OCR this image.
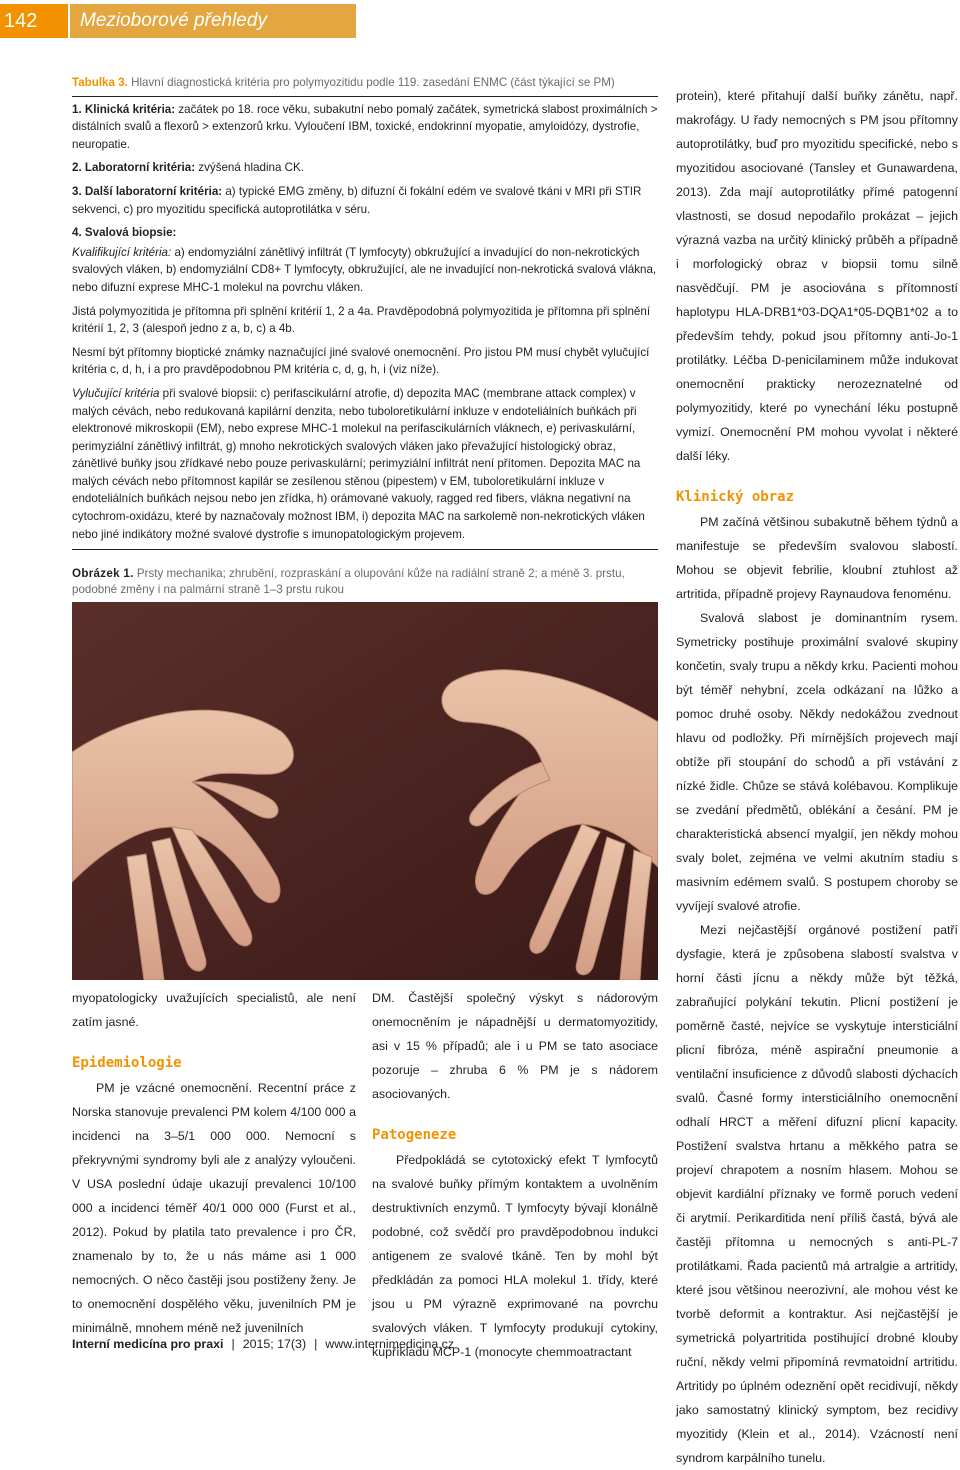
142	Mezioborové přehledy

Tabulka 3. Hlavní diagnostická kritéria pro polymyozitidu podle 119. zasedání ENMC (část týkající se PM)

1. Klinická kritéria: začátek po 18. roce věku, subakutní nebo pomalý začátek, symetrická slabost proximálních > distálních svalů a flexorů > extenzorů krku. Vyloučení IBM, toxické, endokrinní myopatie, amyloidózy, dystrofie, neuropatie.

2. Laboratorní kritéria: zvýšená hladina CK.

3. Další laboratorní kritéria: a) typické EMG změny, b) difuzní či fokální edém ve svalové tkáni v MRI při STIR sekvenci, c) pro myozitidu specifická autoprotilátka v séru.

4. Svalová biopsie:

Kvalifikující kritéria: a) endomyziální zánětlivý infiltrát (T lymfocyty) obkružující a invadující do non-nekrotických svalových vláken, b) endomyziální CD8+ T lymfocyty, obkružující, ale ne invadující non-nekrotická svalová vlákna, nebo difuzní exprese MHC-1 molekul na povrchu vláken.

Jistá polymyozitida je přítomna při splnění kritérií 1, 2 a 4a. Pravděpodobná polymyozitida je přítomna při splnění kritérií 1, 2, 3 (alespoň jedno z a, b, c) a 4b.

Nesmí být přítomny bioptické známky naznačující jiné svalové onemocnění. Pro jistou PM musí chybět vylučující kritéria c, d, h, i a pro pravděpodobnou PM kritéria c, d, g, h, i (viz níže).

Vylučující kritéria při svalové biopsii: c) perifascikulární atrofie, d) depozita MAC (membrane attack complex) v malých cévách, nebo redukovaná kapilární denzita, nebo tuboloretikulární inkluze v endoteliálních buňkách při elektronové mikroskopii (EM), nebo exprese MHC-1 molekul na perifascikulárních vláknech, e) perivaskulární, perimyziální zánětlivý infiltrát, g) mnoho nekrotických svalových vláken jako převažující histologický obraz, zánětlivé buňky jsou zřídkavé nebo pouze perivaskulární; perimyziální infiltrát není přítomen. Depozita MAC na malých cévách nebo přítomnost kapilár se zesílenou stěnou (pipestem) v EM, tuboloretikulární inkluze v endoteliálních buňkách nejsou nebo jen zřídka, h) orámované vakuoly, ragged red fibers, vlákna negativní na cytochrom-oxidázu, které by naznačovaly možnost IBM, i) depozita MAC na sarkolemě non-nekrotických vláken nebo jiné indikátory možné svalové dystrofie s imunopatologickým projevem.

Obrázek 1. Prsty mechanika; zhrubění, rozpraskání a olupování kůže na radiální straně 2; a méně 3. prstu, podobné změny i na palmární straně 1–3 prstu rukou

myopatologicky uvažujících specialistů, ale není zatím jasné.

Epidemiologie

PM je vzácné onemocnění. Recentní práce z Norska stanovuje prevalenci PM kolem 4/100 000 a incidenci na 3–5/1 000 000. Nemocní s překryvnými syndromy byli ale z analýzy vyloučeni. V USA poslední údaje ukazují prevalenci 10/100 000 a incidenci téměř 40/1 000 000 (Furst et al., 2012). Pokud by platila tato prevalence i pro ČR, znamenalo by to, že u nás máme asi 1 000 nemocných. O něco častěji jsou postiženy ženy. Je to onemocnění dospělého věku, juvenilních PM je minimálně, mnohem méně než juvenilních

DM. Častější společný výskyt s nádorovým onemocněním je nápadnější u dermatomyozitidy, asi v 15 % případů; ale i u PM se tato asociace pozoruje – zhruba 6 % PM je s nádorem asociovaných.

Patogeneze

Předpokládá se cytotoxický efekt T lymfocytů na svalové buňky přímým kontaktem a uvolněním destruktivních enzymů. T lymfocyty bývají klonálně podobné, což svědčí pro pravděpodobnou indukci antigenem ze svalové tkáně. Ten by mohl být předkládán za pomoci HLA molekul 1. třídy, které jsou u PM výrazně exprimované na povrchu svalových vláken. T lymfocyty produkují cytokiny, kupříkladu MCP-1 (monocyte chemmoatractant

protein), které přitahují další buňky zánětu, např. makrofágy. U řady nemocných s PM jsou přítomny autoprotilátky, buď pro myozitidu specifické, nebo s myozitidou asociované (Tansley et Gunawardena, 2013). Zda mají autoprotilátky přímé patogenní vlastnosti, se dosud nepodařilo prokázat – jejich výrazná vazba na určitý klinický průběh a případně i morfologický obraz v biopsii tomu silně nasvědčují. PM je asociována s přítomností haplotypu HLA-DRB1*03-DQA1*05-DQB1*02 a to především tehdy, pokud jsou přítomny anti-Jo-1 protilátky. Léčba D-penicilaminem může indukovat onemocnění prakticky nerozeznatelné od polymyozitidy, které po vynechání léku postupně vymizí. Onemocnění PM mohou vyvolat i některé další léky.

Klinický obraz

PM začíná většinou subakutně během týdnů a manifestuje se především svalovou slabostí. Mohou se objevit febrilie, kloubní ztuhlost až artritida, případně projevy Raynaudova fenoménu.

Svalová slabost je dominantním rysem. Symetricky postihuje proximální svalové skupiny končetin, svaly trupu a někdy krku. Pacienti mohou být téměř nehybní, zcela odkázaní na lůžko a pomoc druhé osoby. Někdy nedokážou zvednout hlavu od podložky. Při mírnějších projevech mají obtíže při stoupání do schodů a při vstávání z nízké židle. Chůze se stává kolébavou. Komplikuje se zvedání předmětů, oblékání a česání. PM je charakteristická absencí myalgií, jen někdy mohou svaly bolet, zejména ve velmi akutním stadiu s masivním edémem svalů. S postupem choroby se vyvíjejí svalové atrofie.

Mezi nejčastější orgánové postižení patří dysfagie, která je způsobena slabostí svalstva v horní části jícnu a někdy může být těžká, zabraňující polykání tekutin. Plicní postižení je poměrně časté, nejvíce se vyskytuje intersticiální plicní fibróza, méně aspirační pneumonie a ventilační insuficience z důvodů slabosti dýchacích svalů. Časné formy intersticiálního onemocnění odhalí HRCT a měření difuzní plicní kapacity. Postižení svalstva hrtanu a měkkého patra se projeví chrapotem a nosním hlasem. Mohou se objevit kardiální příznaky ve formě poruch vedení či arytmií. Perikarditida není příliš častá, bývá ale častěji přítomna u nemocných s anti-PL-7 protilátkami. Řada pacientů má artralgie a artritidy, které jsou většinou neerozivní, ale mohou vést ke tvorbě deformit a kontraktur. Asi nejčastější je symetrická polyartritida postihující drobné klouby ruční, někdy velmi připomíná revmatoidní artritidu. Artritidy po úplném odeznění opět recidivují, někdy jako samostatný klinický symptom, bez recidivy myozitidy (Klein et al., 2014). Vzácností není syndrom karpálního tunelu.

Interní medicína pro praxi | 2015; 17(3) | www.internimedicina.cz
